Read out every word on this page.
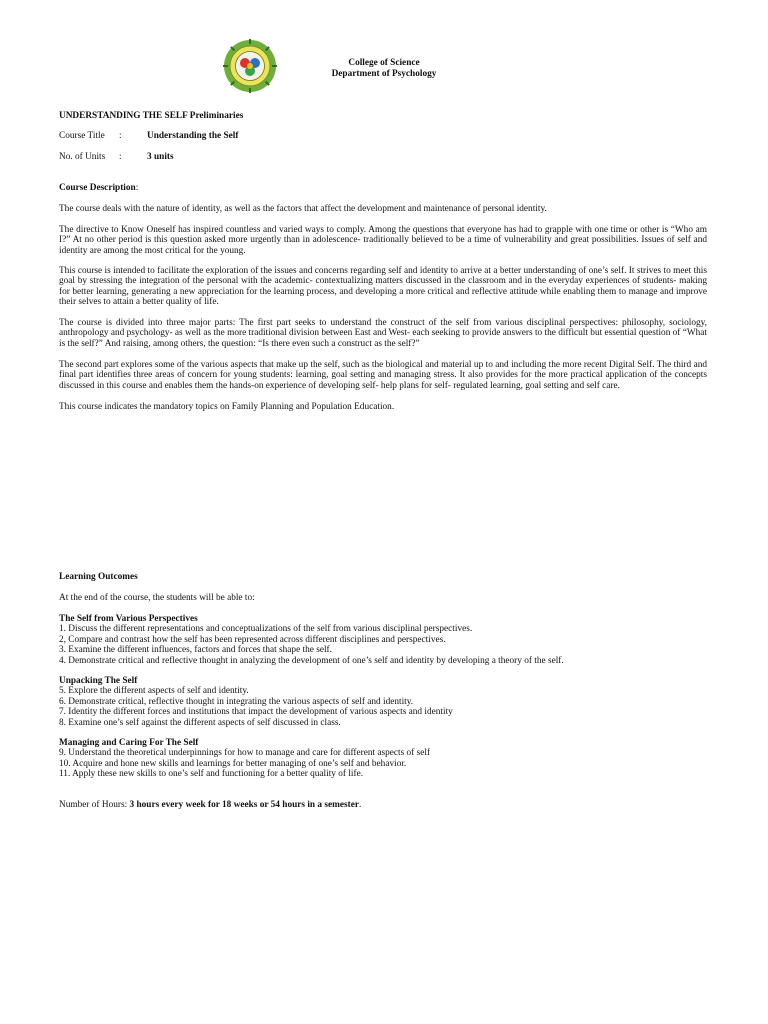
College of Science
Department of Psychology
UNDERSTANDING THE SELF Preliminaries
Course Title	:	Understanding the Self
No. of Units	:	3 units
Course Description:
The course deals with the nature of identity, as well as the factors that affect the development and maintenance of personal identity.
The directive to Know Oneself has inspired countless and varied ways to comply. Among the questions that everyone has had to grapple with one time or other is “Who am I?” At no other period is this question asked more urgently than in adolescence- traditionally believed to be a time of vulnerability and great possibilities. Issues of self and identity are among the most critical for the young.
This course is intended to facilitate the exploration of the issues and concerns regarding self and identity to arrive at a better understanding of one’s self. It strives to meet this goal by stressing the integration of the personal with the academic- contextualizing matters discussed in the classroom and in the everyday experiences of students- making for better learning, generating a new appreciation for the learning process, and developing a more critical and reflective attitude while enabling them to manage and improve their selves to attain a better quality of life.
The course is divided into three major parts: The first part seeks to understand the construct of the self from various disciplinal perspectives: philosophy, sociology, anthropology and psychology- as well as the more traditional division between East and West- each seeking to provide answers to the difficult but essential question of “What is the self?” And raising, among others, the question: “Is there even such a construct as the self?”
The second part explores some of the various aspects that make up the self, such as the biological and material up to and including the more recent Digital Self. The third and final part identifies three areas of concern for young students: learning, goal setting and managing stress. It also provides for the more practical application of the concepts discussed in this course and enables them the hands-on experience of developing self- help plans for self- regulated learning, goal setting and self care.
This course indicates the mandatory topics on Family Planning and Population Education.
Learning Outcomes
At the end of the course, the students will be able to:
The Self from Various Perspectives
1. Discuss the different representations and conceptualizations of the self from various disciplinal perspectives.
2, Compare and contrast how the self has been represented across different disciplines and perspectives.
3. Examine the different influences, factors and forces that shape the self.
4. Demonstrate critical and reflective thought in analyzing the development of one’s self and identity by developing a theory of the self.
Unpacking The Self
5. Explore the different aspects of self and identity.
6. Demonstrate critical, reflective thought in integrating the various aspects of self and identity.
7. Identity the different forces and institutions that impact the development of various aspects and identity
8. Examine one’s self against the different aspects of self discussed in class.
Managing and Caring For The Self
9. Understand the theoretical underpinnings for how to manage and care for different aspects of self
10. Acquire and hone new skills and learnings for better managing of one’s self and behavior.
11. Apply these new skills to one’s self and functioning for a better quality of life.
Number of Hours: 3 hours every week for 18 weeks or 54 hours in a semester.
